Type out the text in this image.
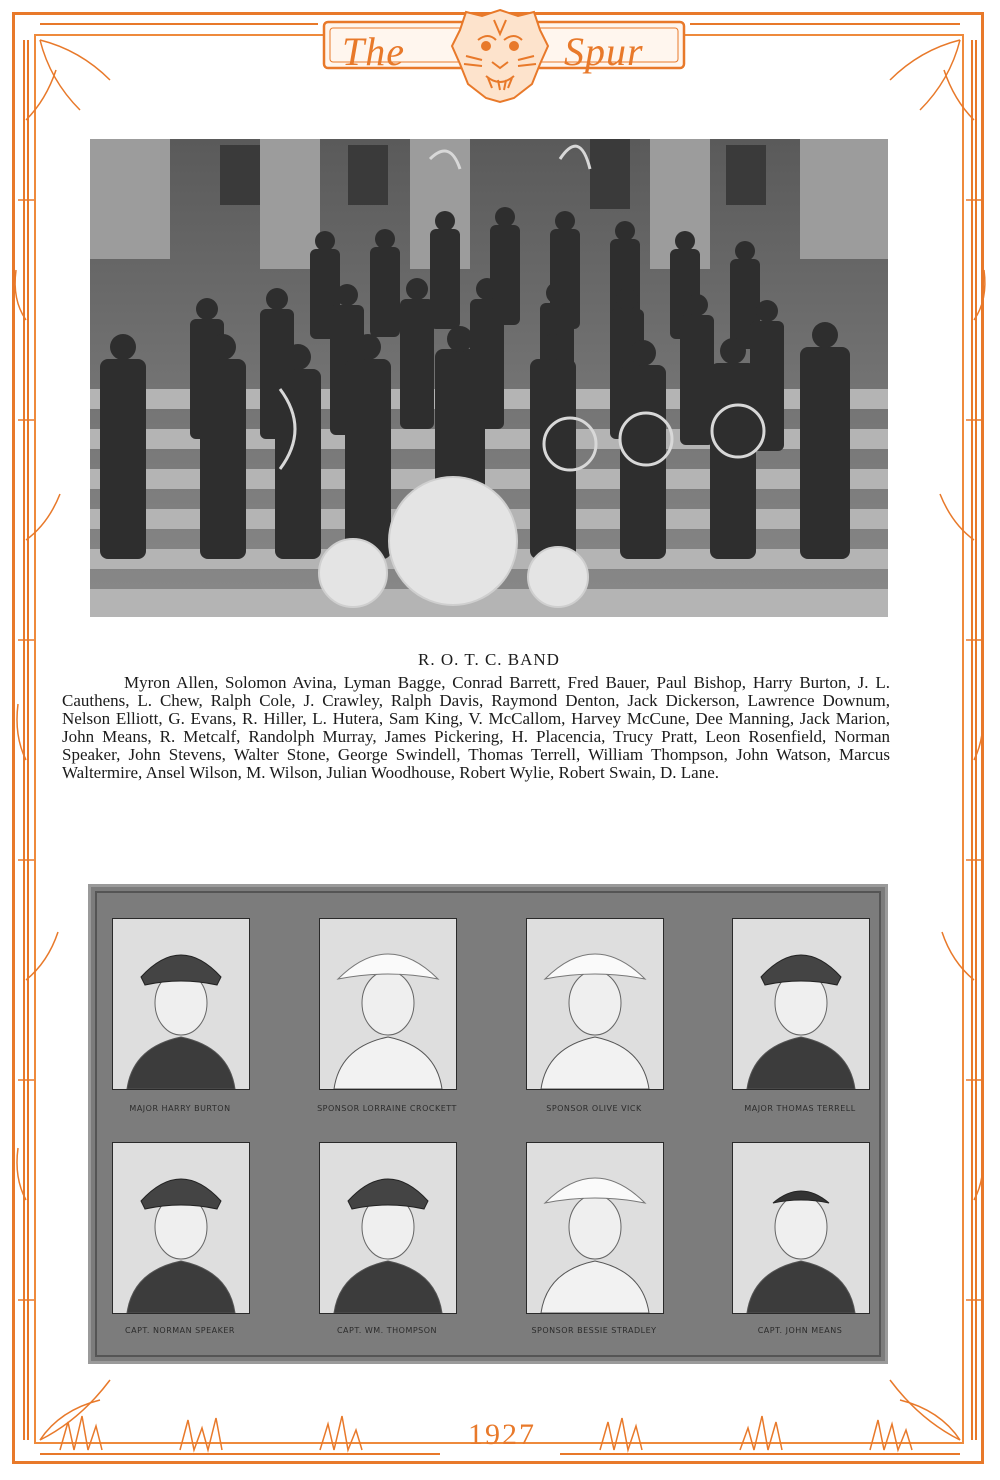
The	Spur
R. O. T. C. BAND
Myron Allen, Solomon Avina, Lyman Bagge, Conrad Barrett, Fred Bauer, Paul Bishop, Harry Burton, J. L. Cauthens, L. Chew, Ralph Cole, J. Crawley, Ralph Davis, Raymond Denton, Jack Dickerson, Lawrence Downum, Nelson Elliott, G. Evans, R. Hiller, L. Hutera, Sam King, V. McCallom, Harvey McCune, Dee Manning, Jack Marion, John Means, R. Metcalf, Randolph Murray, James Pickering, H. Placencia, Trucy Pratt, Leon Rosenfield, Norman Speaker, John Stevens, Walter Stone, George Swindell, Thomas Terrell, William Thompson, John Watson, Marcus Waltermire, Ansel Wilson, M. Wilson, Julian Woodhouse, Robert Wylie, Robert Swain, D. Lane.
MAJOR HARRY BURTON	SPONSOR LORRAINE CROCKETT	SPONSOR OLIVE VICK	MAJOR THOMAS TERRELL
CAPT. NORMAN SPEAKER	CAPT. WM. THOMPSON	SPONSOR BESSIE STRADLEY	CAPT. JOHN MEANS
1927
